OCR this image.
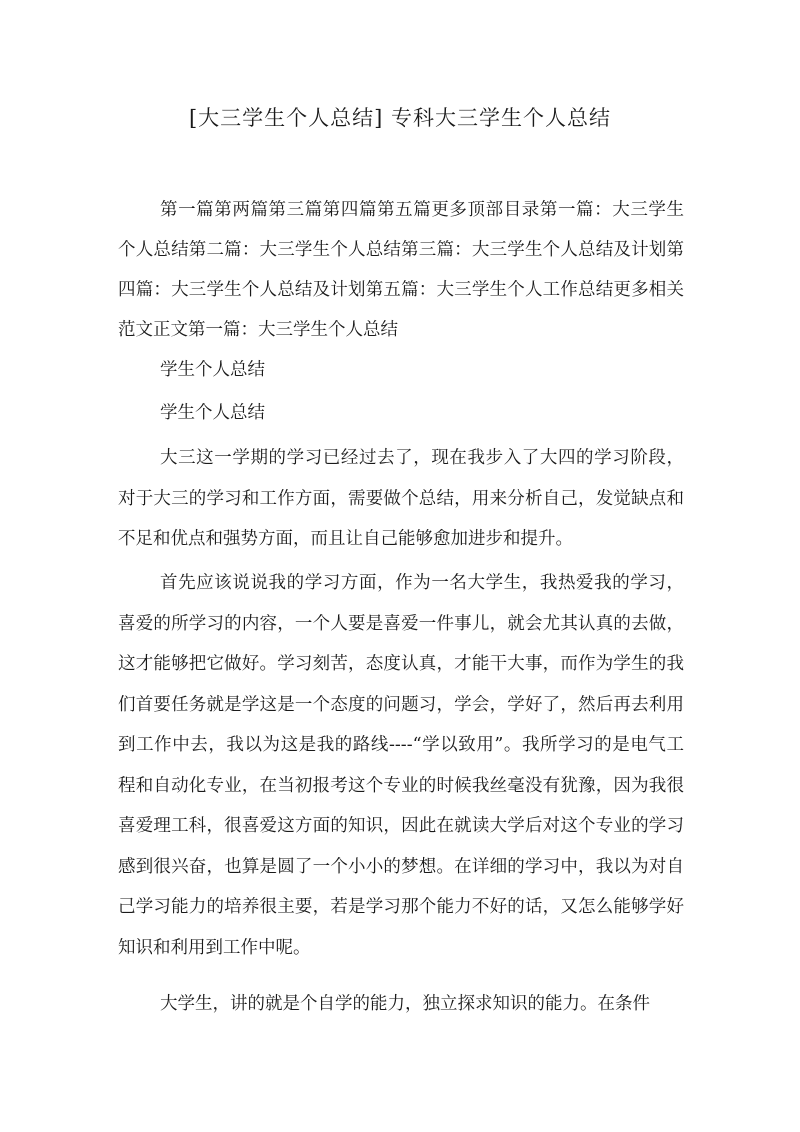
[大三学生个人总结] 专科大三学生个人总结
第一篇第两篇第三篇第四篇第五篇更多顶部目录第一篇：大三学生个人总结第二篇：大三学生个人总结第三篇：大三学生个人总结及计划第四篇：大三学生个人总结及计划第五篇：大三学生个人工作总结更多相关范文正文第一篇：大三学生个人总结
学生个人总结
学生个人总结
大三这一学期的学习已经过去了，现在我步入了大四的学习阶段，对于大三的学习和工作方面，需要做个总结，用来分析自己，发觉缺点和不足和优点和强势方面，而且让自己能够愈加进步和提升。
首先应该说说我的学习方面，作为一名大学生，我热爱我的学习，喜爱的所学习的内容，一个人要是喜爱一件事儿，就会尤其认真的去做，这才能够把它做好。学习刻苦，态度认真，才能干大事，而作为学生的我们首要任务就是学这是一个态度的问题习，学会，学好了，然后再去利用到工作中去，我以为这是我的路线----“学以致用”。我所学习的是电气工程和自动化专业，在当初报考这个专业的时候我丝毫没有犹豫，因为我很喜爱理工科，很喜爱这方面的知识，因此在就读大学后对这个专业的学习感到很兴奋，也算是圆了一个小小的梦想。在详细的学习中，我以为对自己学习能力的培养很主要，若是学习那个能力不好的话，又怎么能够学好知识和利用到工作中呢。
大学生，讲的就是个自学的能力，独立探求知识的能力。在条件
